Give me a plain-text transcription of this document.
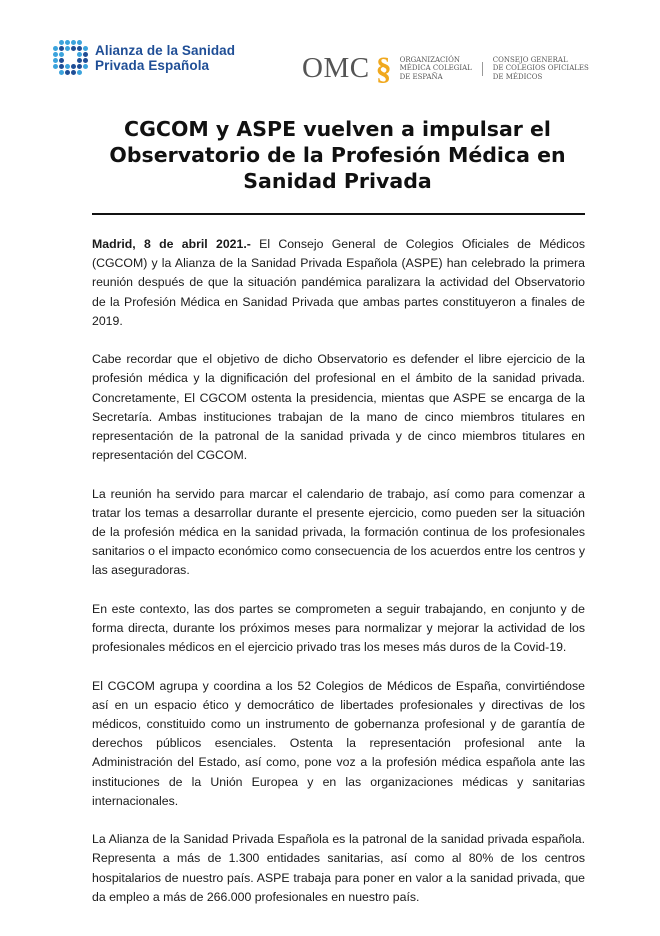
Alianza de la Sanidad
Privada Española	OMC § ORGANIZACIÓN
MÉDICA COLEGIAL
DE ESPAÑA
CONSEJO GENERAL
DE COLEGIOS OFICIALES
DE MÉDICOS
CGCOM y ASPE vuelven a impulsar el Observatorio de la Profesión Médica en Sanidad Privada

Madrid, 8 de abril 2021.- El Consejo General de Colegios Oficiales de Médicos (CGCOM) y la Alianza de la Sanidad Privada Española (ASPE) han celebrado la primera reunión después de que la situación pandémica paralizara la actividad del Observatorio de la Profesión Médica en Sanidad Privada que ambas partes constituyeron a finales de 2019.

Cabe recordar que el objetivo de dicho Observatorio es defender el libre ejercicio de la profesión médica y la dignificación del profesional en el ámbito de la sanidad privada. Concretamente, El CGCOM ostenta la presidencia, mientas que ASPE se encarga de la Secretaría. Ambas instituciones trabajan de la mano de cinco miembros titulares en representación de la patronal de la sanidad privada y de cinco miembros titulares en representación del CGCOM.

La reunión ha servido para marcar el calendario de trabajo, así como para comenzar a tratar los temas a desarrollar durante el presente ejercicio, como pueden ser la situación de la profesión médica en la sanidad privada, la formación continua de los profesionales sanitarios o el impacto económico como consecuencia de los acuerdos entre los centros y las aseguradoras.

En este contexto, las dos partes se comprometen a seguir trabajando, en conjunto y de forma directa, durante los próximos meses para normalizar y mejorar la actividad de los profesionales médicos en el ejercicio privado tras los meses más duros de la Covid-19.

El CGCOM agrupa y coordina a los 52 Colegios de Médicos de España, convirtiéndose así en un espacio ético y democrático de libertades profesionales y directivas de los médicos, constituido como un instrumento de gobernanza profesional y de garantía de derechos públicos esenciales. Ostenta la representación profesional ante la Administración del Estado, así como, pone voz a la profesión médica española ante las instituciones de la Unión Europea y en las organizaciones médicas y sanitarias internacionales.

La Alianza de la Sanidad Privada Española es la patronal de la sanidad privada española. Representa a más de 1.300 entidades sanitarias, así como al 80% de los centros hospitalarios de nuestro país. ASPE trabaja para poner en valor a la sanidad privada, que da empleo a más de 266.000 profesionales en nuestro país.
